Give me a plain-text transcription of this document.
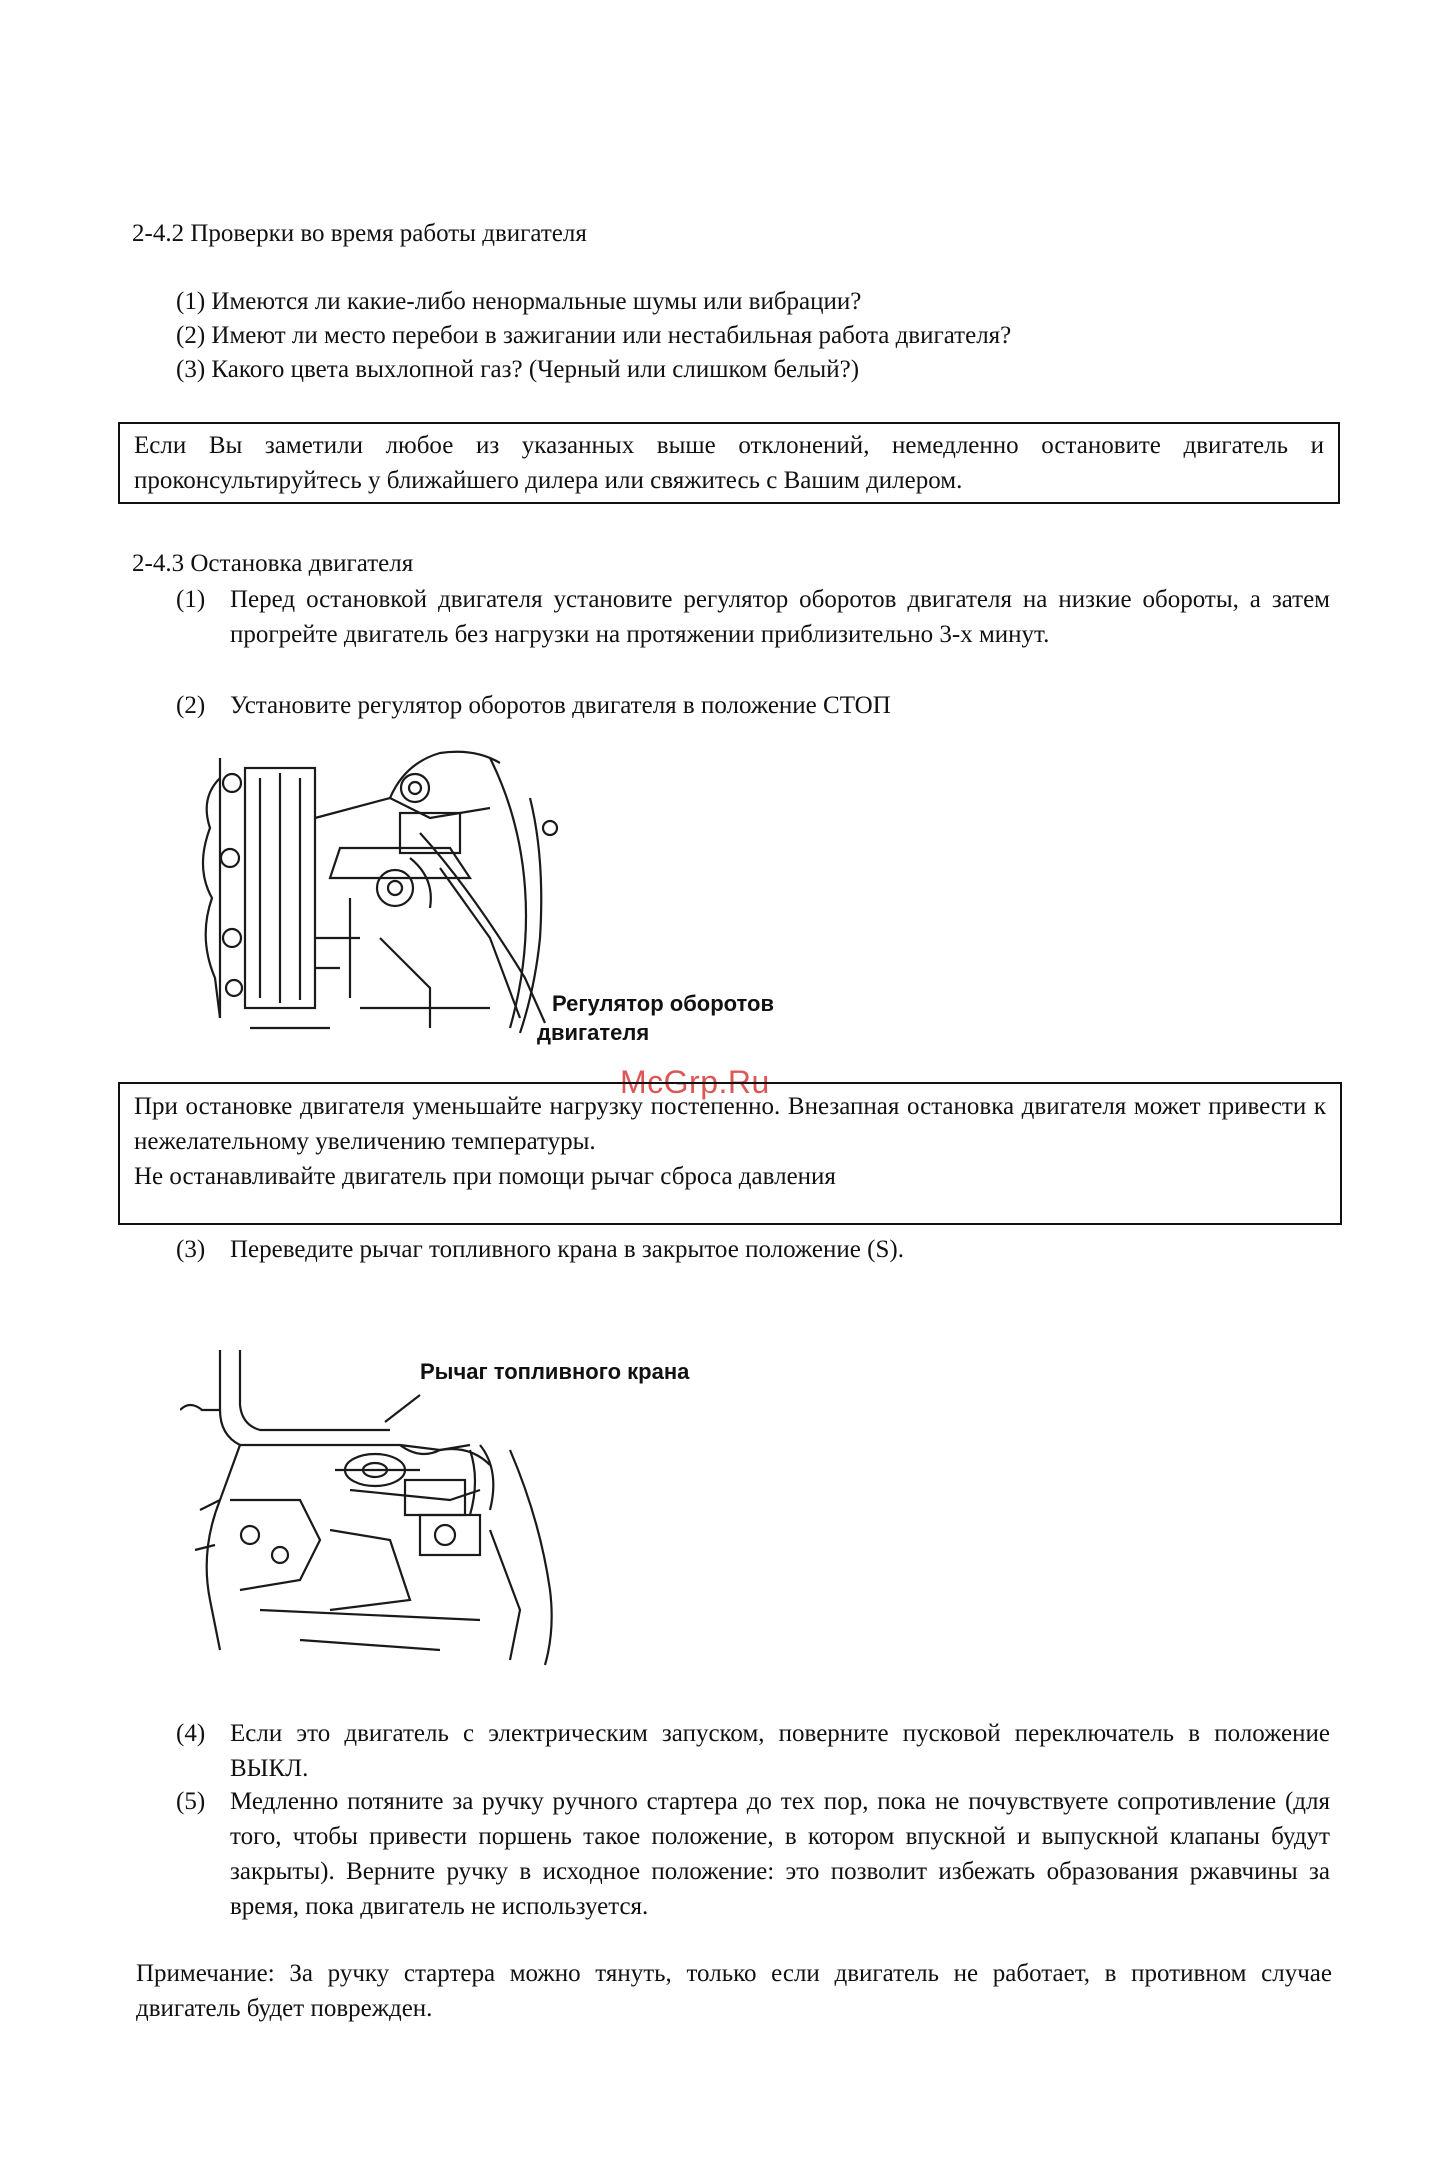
2-4.2 Проверки во время работы двигателя
(1) Имеются ли какие-либо ненормальные шумы или вибрации?
(2) Имеют ли место перебои в зажигании или нестабильная работа двигателя?
(3) Какого цвета выхлопной газ? (Черный или слишком белый?)
Если Вы заметили любое из указанных выше отклонений, немедленно остановите двигатель и проконсультируйтесь у ближайшего дилера или свяжитесь с Вашим дилером.
2-4.3 Остановка двигателя
(1) Перед остановкой двигателя установите регулятор оборотов двигателя на низкие обороты, а затем прогрейте двигатель без нагрузки на протяжении приблизительно 3-х минут.
(2) Установите регулятор оборотов двигателя в положение СТОП
Регулятор оборотов
двигателя
McGrp.Ru
При остановке двигателя уменьшайте нагрузку постепенно. Внезапная остановка двигателя может привести к нежелательному увеличению температуры.
Не останавливайте двигатель при помощи рычаг сброса давления
(3) Переведите рычаг топливного крана в закрытое положение (S).
Рычаг топливного крана
(4) Если это двигатель с электрическим запуском, поверните пусковой переключатель в положение ВЫКЛ.
(5) Медленно потяните за ручку ручного стартера до тех пор, пока не почувствуете сопротивление (для того, чтобы привести поршень такое положение, в котором впускной и выпускной клапаны будут закрыты). Верните ручку в исходное положение: это позволит избежать образования ржавчины за время, пока двигатель не используется.
Примечание: За ручку стартера можно тянуть, только если двигатель не работает, в противном случае двигатель будет поврежден.
